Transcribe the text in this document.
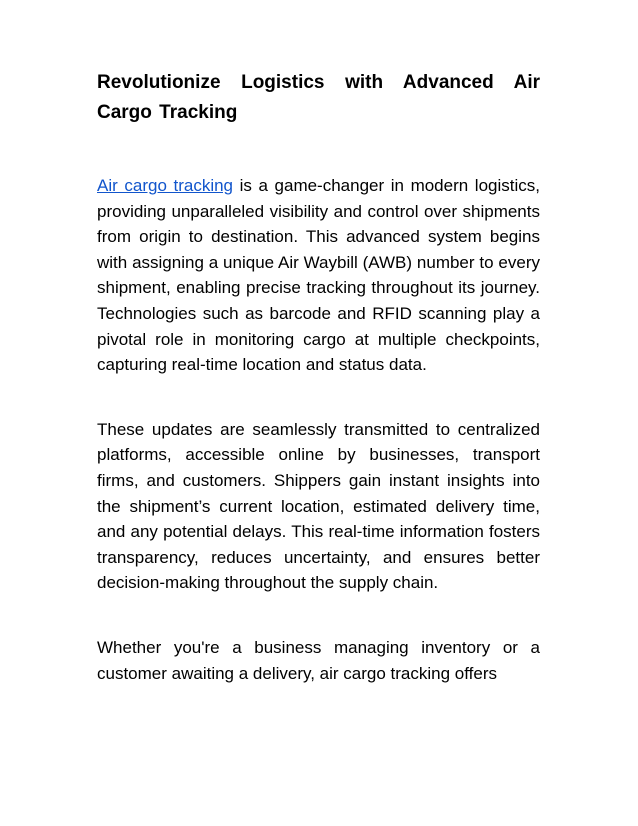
Revolutionize Logistics with Advanced Air Cargo Tracking

Air cargo tracking is a game-changer in modern logistics, providing unparalleled visibility and control over shipments from origin to destination. This advanced system begins with assigning a unique Air Waybill (AWB) number to every shipment, enabling precise tracking throughout its journey. Technologies such as barcode and RFID scanning play a pivotal role in monitoring cargo at multiple checkpoints, capturing real-time location and status data.

These updates are seamlessly transmitted to centralized platforms, accessible online by businesses, transport firms, and customers. Shippers gain instant insights into the shipment’s current location, estimated delivery time, and any potential delays. This real-time information fosters transparency, reduces uncertainty, and ensures better decision-making throughout the supply chain.

Whether you're a business managing inventory or a customer awaiting a delivery, air cargo tracking offers
